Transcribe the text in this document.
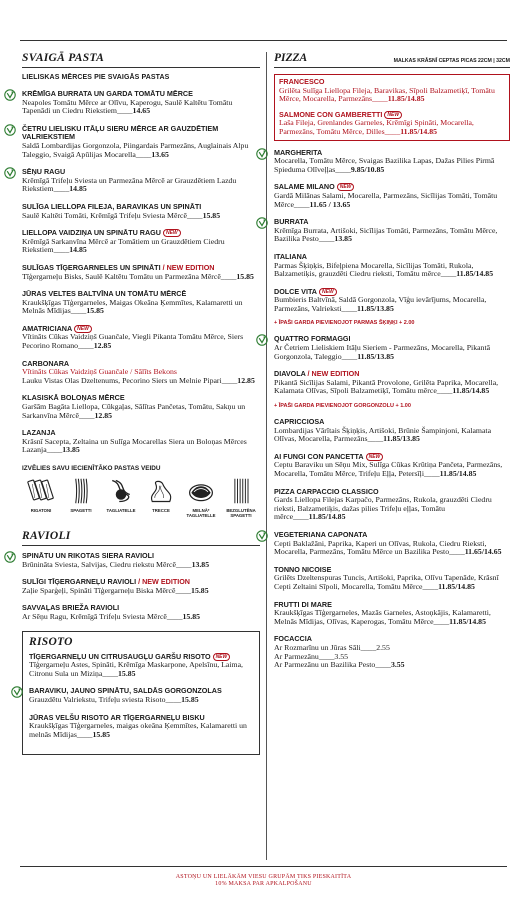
SVAIGĀ PASTA
LIELISKAS MĒRCES PIE SVAIGĀS PASTAS
KRĒMĪGA BURRATA UN GARDA TOMĀTU MĒRCE
Neapoles Tomātu Mērce ar Olīvu, Kaperogu, Saulē Kaltētu Tomātu Tapenādi un Ciedru Riekstiem____14.65
ČETRU LIELISKU ITĀĻU SIERU MĒRCE AR GAUZDĒTIEM VALRIEKSTIEM
Saldā Lombardijas Gorgonzola, Piingardais Parmezāns, Auglainais Alpu Taleggio, Svaigā Apūlijas Mocarella____13.65
SĒŅU RAGU
Krēmīgā Trifeļu Sviesta un Parmezāna Mērcē ar Grauzdētiem Lazdu Riekstiem____14.85
SULĪGA LIELLOPA FILEJA, BARAVIKAS UN SPINĀTI
Saulē Kaltēti Tomāti, Krēmīgā Trifeļu Sviesta Mērcē____15.85
LIELLOPA VAIDZIŅA UN SPINĀTU RAGU NEW
Krēmīgā Sarkanvīna Mērcē ar Tomātiem un Grauzdētiem Ciedru Riekstiem____14.85
SULĪGAS TĪĢERGARNELES UN SPINĀTI / NEW EDITION
Tīģergarneļu Bisks, Saulē Kaltētu Tomātu un Parmezāna Mērcē____15.85
JŪRAS VELTES BALTVĪNA UN TOMĀTU MĒRCĒ
Kraukšķīgas Tīģergarneles, Maigas Okeāna Ķemmītes, Kalamaretti un Melnās Mīdijas____15.85
AMATRICIANA NEW
Vītināts Cūkas Vaidziņš Guančale, Viegli Pikanta Tomātu Mērce, Siers Pecorino Romano____12.85
CARBONARA
Vītināts Cūkas Vaidziņš Guančale / Sālīts Bekons
Lauku Vistas Olas Dzeltenums, Pecorino Siers un Melnie Pipari____12.85
KLASISKĀ BOLOŅAS MĒRCE
Garšām Bagāta Liellopa, Cūkgaļas, Sālītas Pančetas, Tomātu, Sakņu un Sarkanvīna Mērcē____12.85
LAZANJA
Krāsnī Sacepta, Zeltaina un Sulīga Mocarellas Siera un Boloņas Mērces Lazanja____13.85
IZVĒLIES SAVU IECIENĪTĀKO PASTAS VEIDU
RIGATONI	SPAGETTI	TAGLIATELLE	TRECCE	MELNĀ* TAGLIATELLE
BEZGLUTĒNA SPAGETTI
RAVIOLI
SPINĀTU UN RIKOTAS SIERA RAVIOLI
Brūnināta Sviesta, Salvijas, Ciedru riekstu Mērcē____13.85
SULĪGI TĪĢERGARNEĻU RAVIOLI / NEW EDITION
Zaļie Sparģeļi, Spināti Tīģergarneļu Biska Mērcē____15.85
SAVVAĻAS BRIEŽA RAVIOLI
Ar Sēņu Ragu, Krēmīgā Trifeļu Sviesta Mērcē____15.85
RISOTO
TĪĢERGARNEĻU UN CITRUSAUGĻU GARŠU RISOTO NEW
Tīģergarneļu Astes, Spināti, Krēmīga Maskarpone, Apelsīnu, Laima, Citronu Sula un Miziņa____15.85
BARAVIKU, JAUNO SPINĀTU, SALDĀS GORGONZOLAS
Grauzdētu Valriekstu, Trifeļu sviesta Risoto____15.85
JŪRAS VELŠU RISOTO AR TĪĢERGARNEĻU BISKU
Kraukšķīgas Tīģergarneles, maigas okeāna Ķemmītes, Kalamaretti un melnās Mīdijas____15.85
PIZZA	MALKAS KRĀSNĪ CEPTAS PICAS 22CM | 32CM
FRANCESCO
Grilēta Sulīga Liellopa Fileja, Baravikas, Sīpoli Balzametiķī, Tomātu Mērce, Mocarella, Parmezāns____11.85/14.85
SALMONE CON GAMBERETTI NEW
Laša Fileja, Grenlandes Garneles, Krēmīgi Spināti, Mocarella, Parmezāns, Tomātu Mērce, Dilles____11.85/14.85
MARGHERITA
Mocarella, Tomātu Mērce, Svaigas Bazilika Lapas, Dažas Pilies Pirmā Spieduma Olīveļļas____9.85/10.85
SALAME MILANO NEW
Gardā Milānas Salami, Mocarella, Parmezāns, Sicīlijas Tomāti, Tomātu Mērce____11.65 / 13.65
BURRATA
Krēmīga Burrata, Artišoki, Sicīlijas Tomāti, Parmezāns, Tomātu Mērce, Bazilika Pesto____13.85
ITALIANA
Parmas Šķiņķis, Bifeļpiena Mocarella, Sicīlijas Tomāti, Rukola, Balzametiķis, grauzdēti Ciedru rieksti, Tomātu mērce____11.85/14.85
DOLCE VITA NEW
Bumbieris Baltvīnā, Saldā Gorgonzola, Vīģu ievārījums, Mocarella, Parmezāns, Valrieksti____11.85/13.85
+ ĪPAŠI GARDA PIEVIENOJOT PARMAS ŠĶIŅĶI + 2.00
QUATTRO FORMAGGI
Ar Četriem Lieliskiem Itāļu Sieriem - Parmezāns, Mocarella, Pikantā Gorgonzola, Taleggio____11.85/13.85
DIAVOLA / NEW EDITION
Pikantā Sicīlijas Salami, Pikantā Provolone, Grilēta Paprika, Mocarella, Kalamata Olīvas, Sīpoli Balzametiķī, Tomātu mērce____11.85/14.85
+ ĪPAŠI GARDA PIEVIENOJOT GORGONZOLU + 1.00
CAPRICCIOSA
Lombardijas Vārītais Šķiņķis, Artišoki, Brūnie Šampinjoni, Kalamata Olīvas, Mocarella, Parmezāns____11.85/13.85
AI FUNGI CON PANCETTA NEW
Ceptu Baraviku un Sēņu Mix, Sulīga Cūkas Krūtiņa Pančeta, Parmezāns, Mocarella, Tomātu Mērce, Trifeļu Eļļa, Petersīļi____11.85/14.85
PIZZA CARPACCIO CLASSICO
Gards Liellopa Filejas Karpačo, Parmezāns, Rukola, grauzdēti Ciedru rieksti, Balzametiķis, dažas pilies Trifeļu eļļas, Tomātu mērce____11.85/14.85
VEGETERIANA CAPONATA
Cepti Baklažāni, Paprika, Kaperi un Olīvas, Rukola, Ciedru Rieksti, Mocarella, Parmezāns, Tomātu Mērce un Bazilika Pesto____11.65/14.65
TONNO NICOISE
Grilēts Dzeltenspuras Tuncis, Artišoki, Paprika, Olīvu Tapenāde, Krāsnī Cepti Zeltaini Sīpoli, Mocarella, Tomātu Mērce____11.85/14.85
FRUTTI DI MARE
Kraukšķīgas Tīģergarneles, Mazās Garneles, Astoņkājis, Kalamaretti, Melnās Mīdijas, Olīvas, Kaperogas, Tomātu Mērce____11.85/14.85
FOCACCIA
Ar Rozmarīnu un Jūras Sāli____2.55
Ar Parmezānu____3.55
Ar Parmezānu un Bazilika Pesto____3.55
ASTOŅU UN LIELĀKĀM VIESU GRUPĀM TIKS PIESKAITĪTA
10% MAKSA PAR APKALPOŠANU
